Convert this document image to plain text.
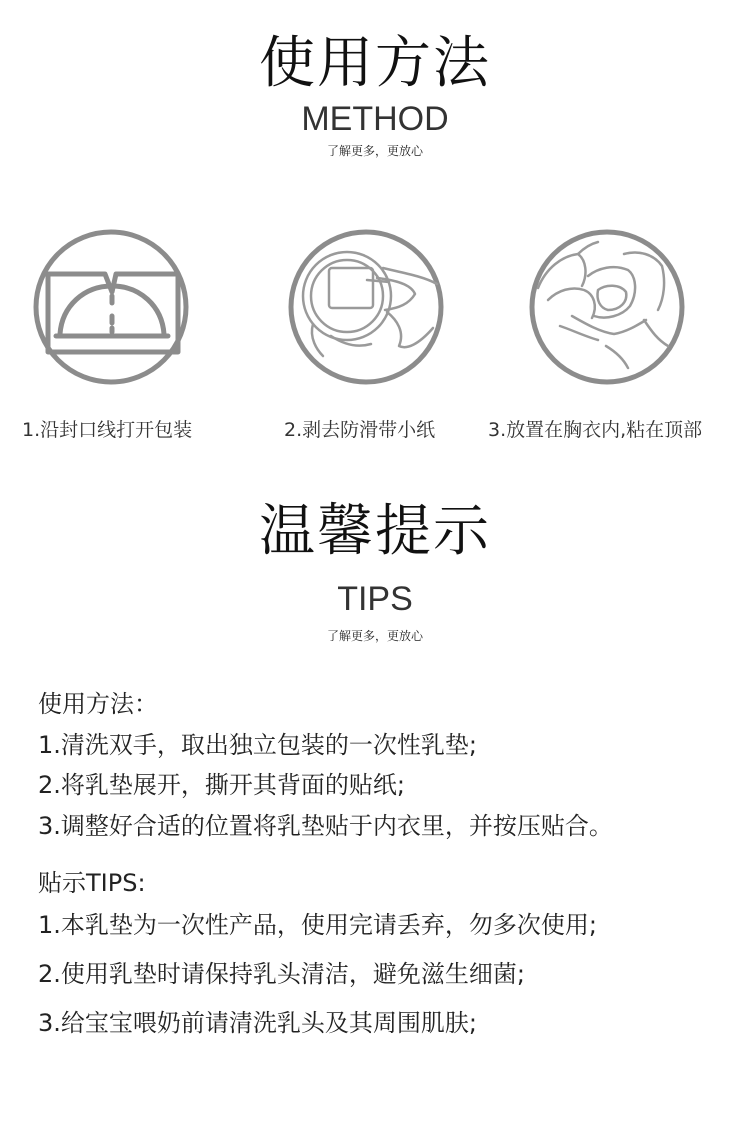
使用方法
METHOD
了解更多，更放心
1.沿封口线打开包装	2.剥去防滑带小纸	3.放置在胸衣内,粘在顶部
温馨提示
TIPS
了解更多，更放心
使用方法：
1.清洗双手，取出独立包装的一次性乳垫;
2.将乳垫展开，撕开其背面的贴纸;
3.调整好合适的位置将乳垫贴于内衣里，并按压贴合。
贴示TIPS:
1.本乳垫为一次性产品，使用完请丢弃，勿多次使用;
2.使用乳垫时请保持乳头清洁，避免滋生细菌;
3.给宝宝喂奶前请清洗乳头及其周围肌肤;
